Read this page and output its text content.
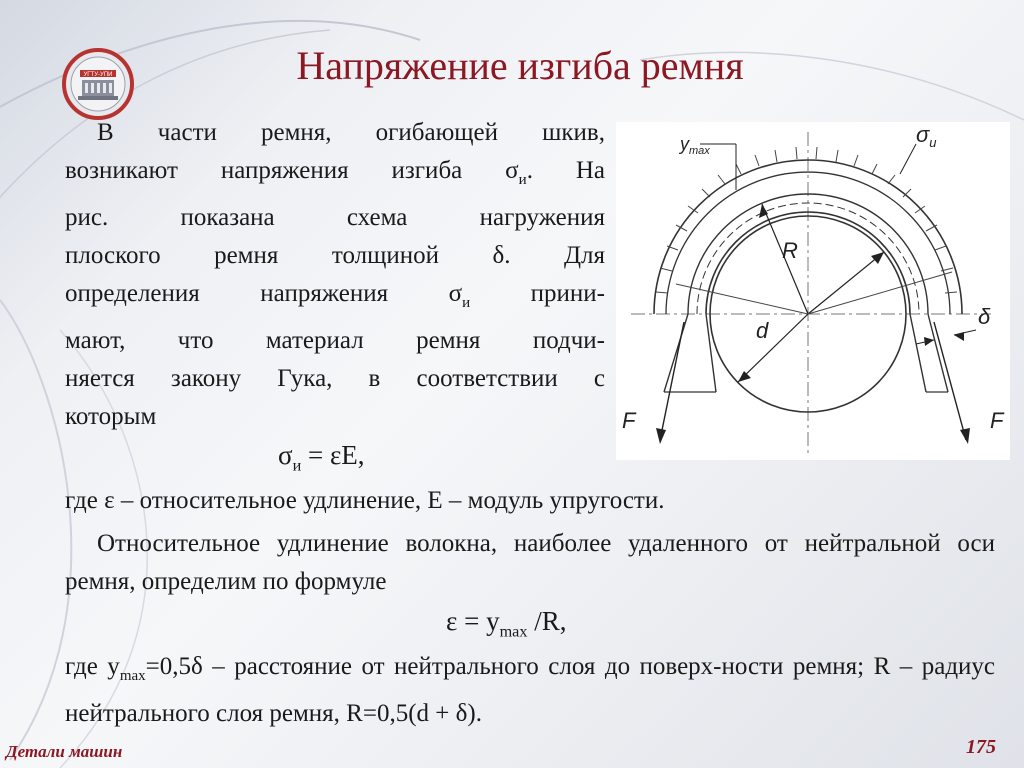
УГТУ-УПИ	Напряжение изгиба ремня
В части ремня, огибающей шкив,
возникают напряжения изгиба $\sigma_и$. На
рис. показана схема нагружения
плоского ремня толщиной δ. Для
определения напряжения $\sigma_и$ прини-
мают, что материал ремня подчи-
няется закону Гука, в соответствии с
которым
$y_{max}$
$\sigma_и$
R
d
δ
F	F
$\sigma_и = \varepsilon E$,
где ε – относительное удлинение, E – модуль упругости.
Относительное удлинение волокна, наиболее удаленного от нейтральной оси ремня, определим по формуле
$\varepsilon = y_{max}$ /R,
где $y_{max}=0,5\delta$ – расстояние от нейтрального слоя до поверх-ности ремня; R – радиус нейтрального слоя ремня, R=0,5(d + δ).
Детали машин	175
